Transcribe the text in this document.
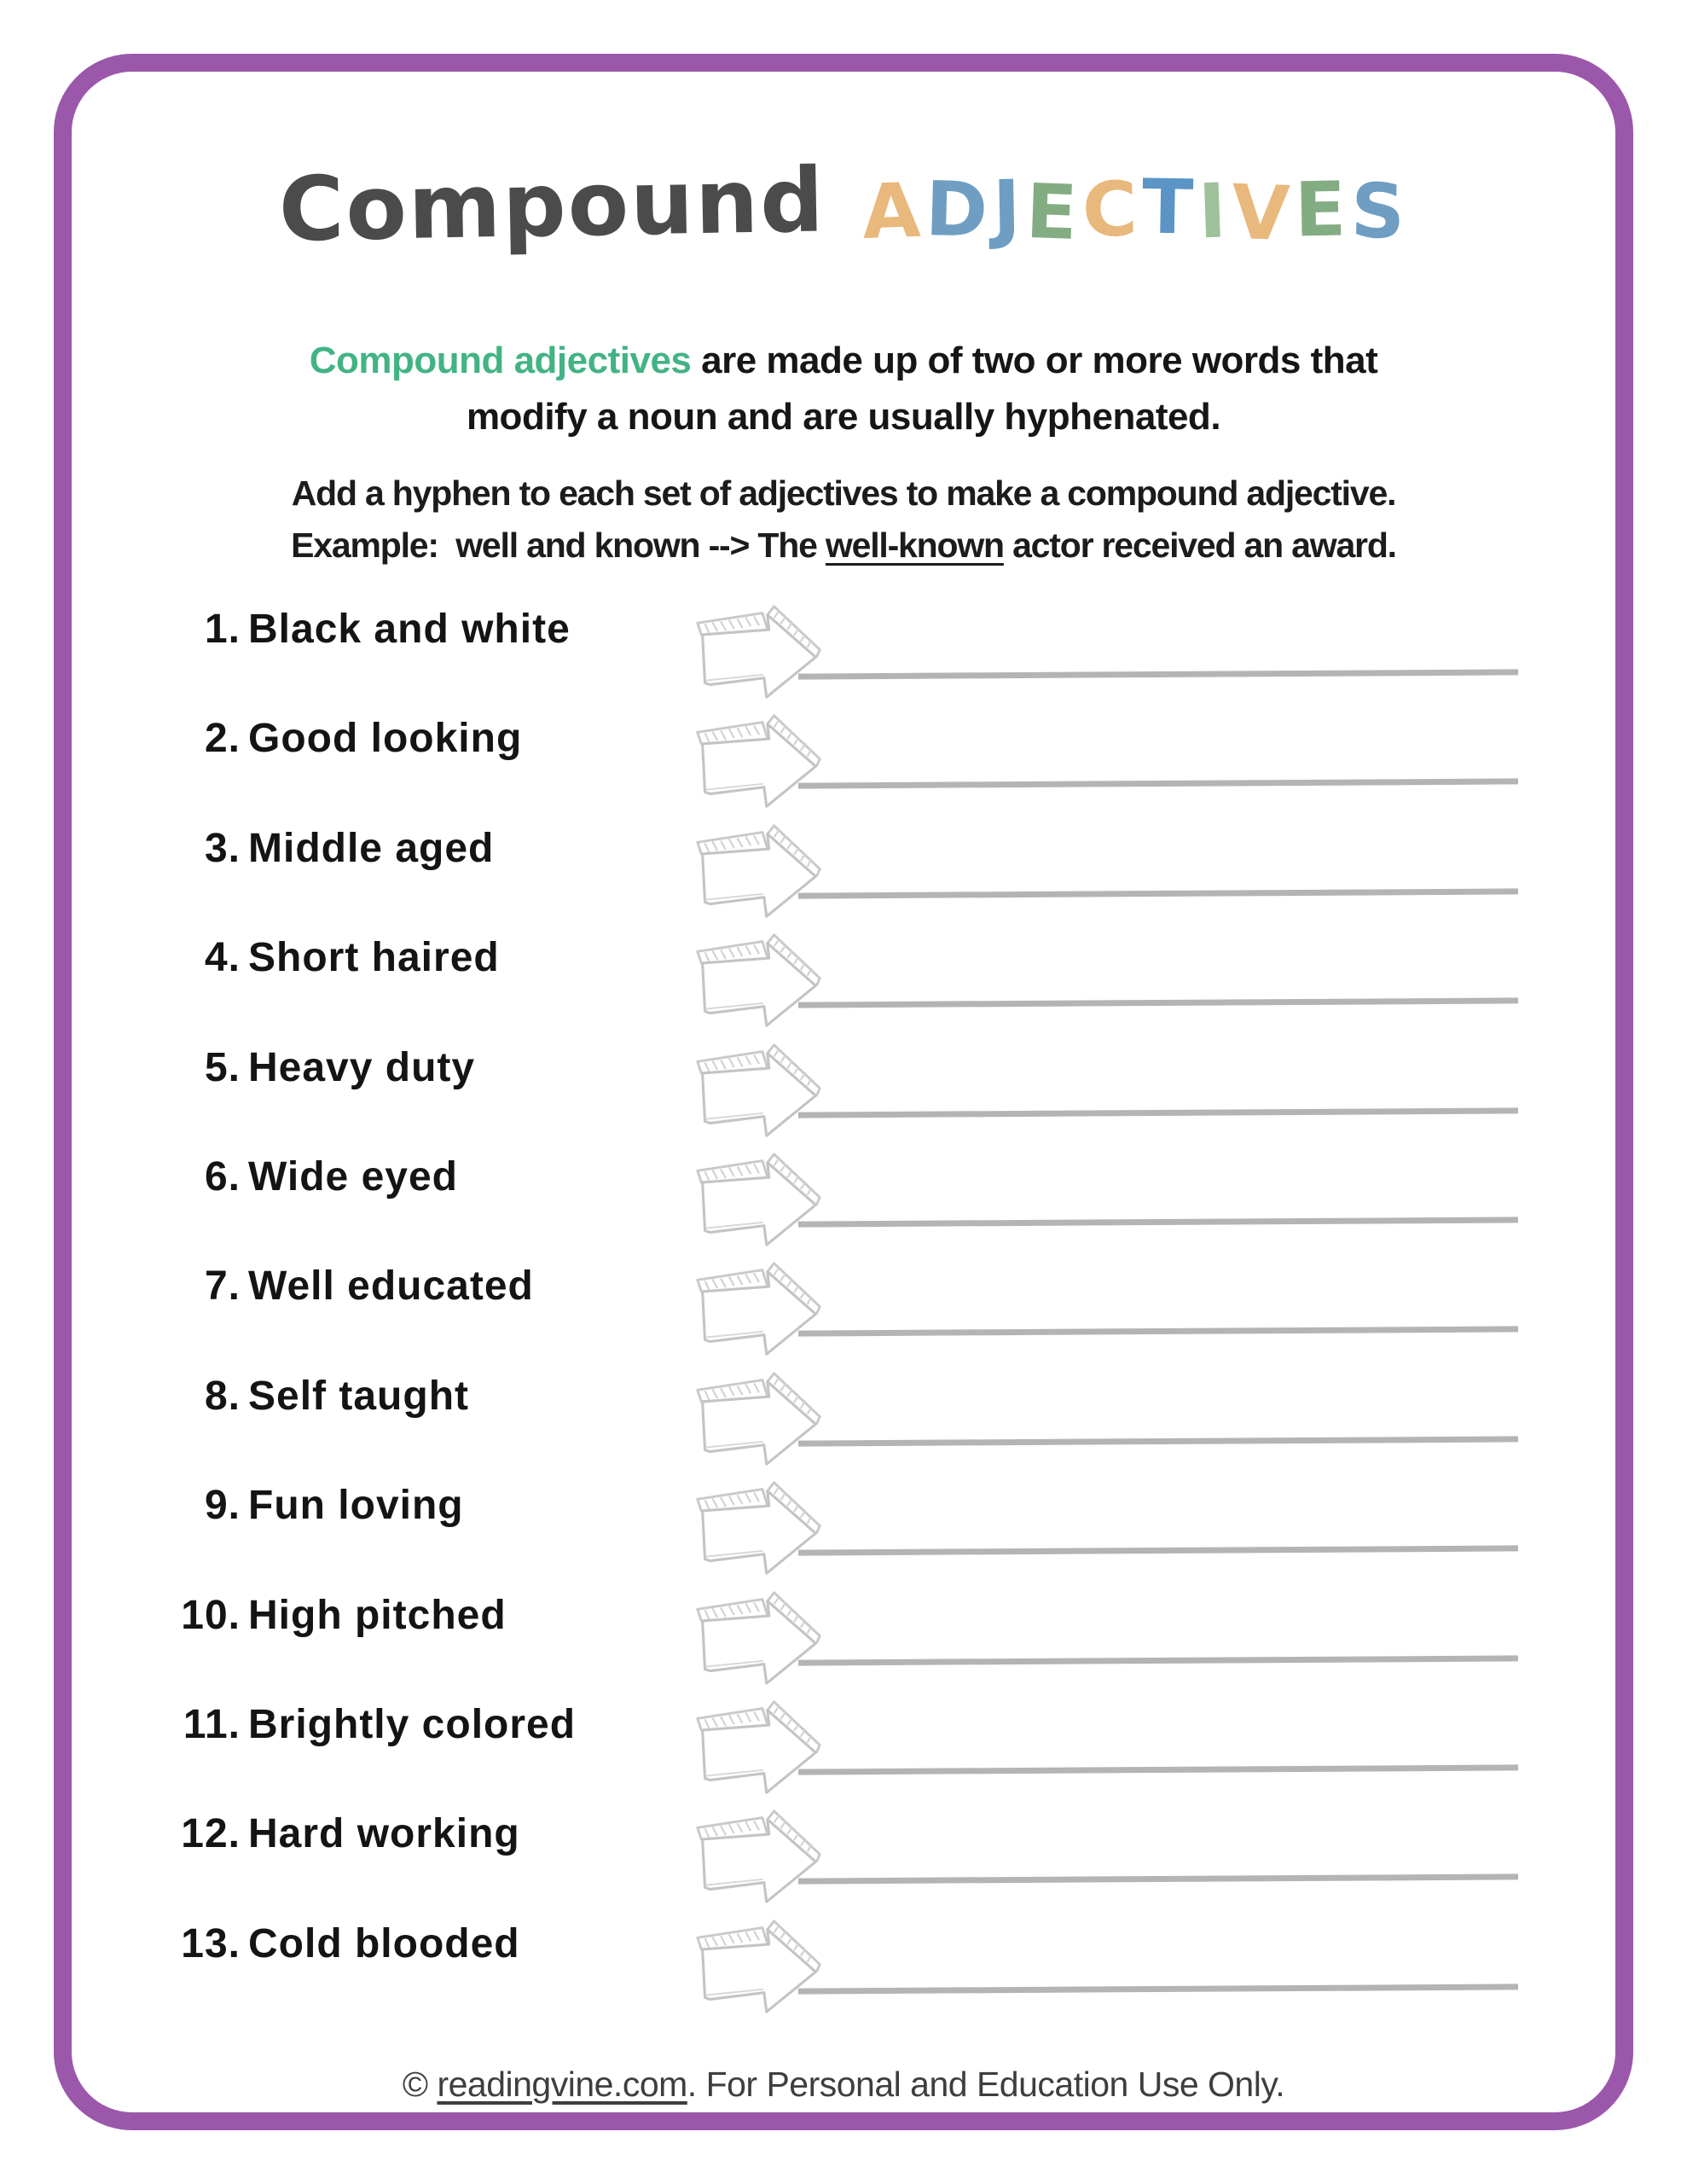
Compound ADJECTIVES
Compound adjectives are made up of two or more words that
modify a noun and are usually hyphenated.
Add a hyphen to each set of adjectives to make a compound adjective.
Example:  well and known --> The well-known actor received an award.
1. Black and white
2. Good looking
3. Middle aged
4. Short haired
5. Heavy duty
6. Wide eyed
7. Well educated
8. Self taught
9. Fun loving
10. High pitched
11. Brightly colored
12. Hard working
13. Cold blooded
© readingvine.com. For Personal and Education Use Only.
